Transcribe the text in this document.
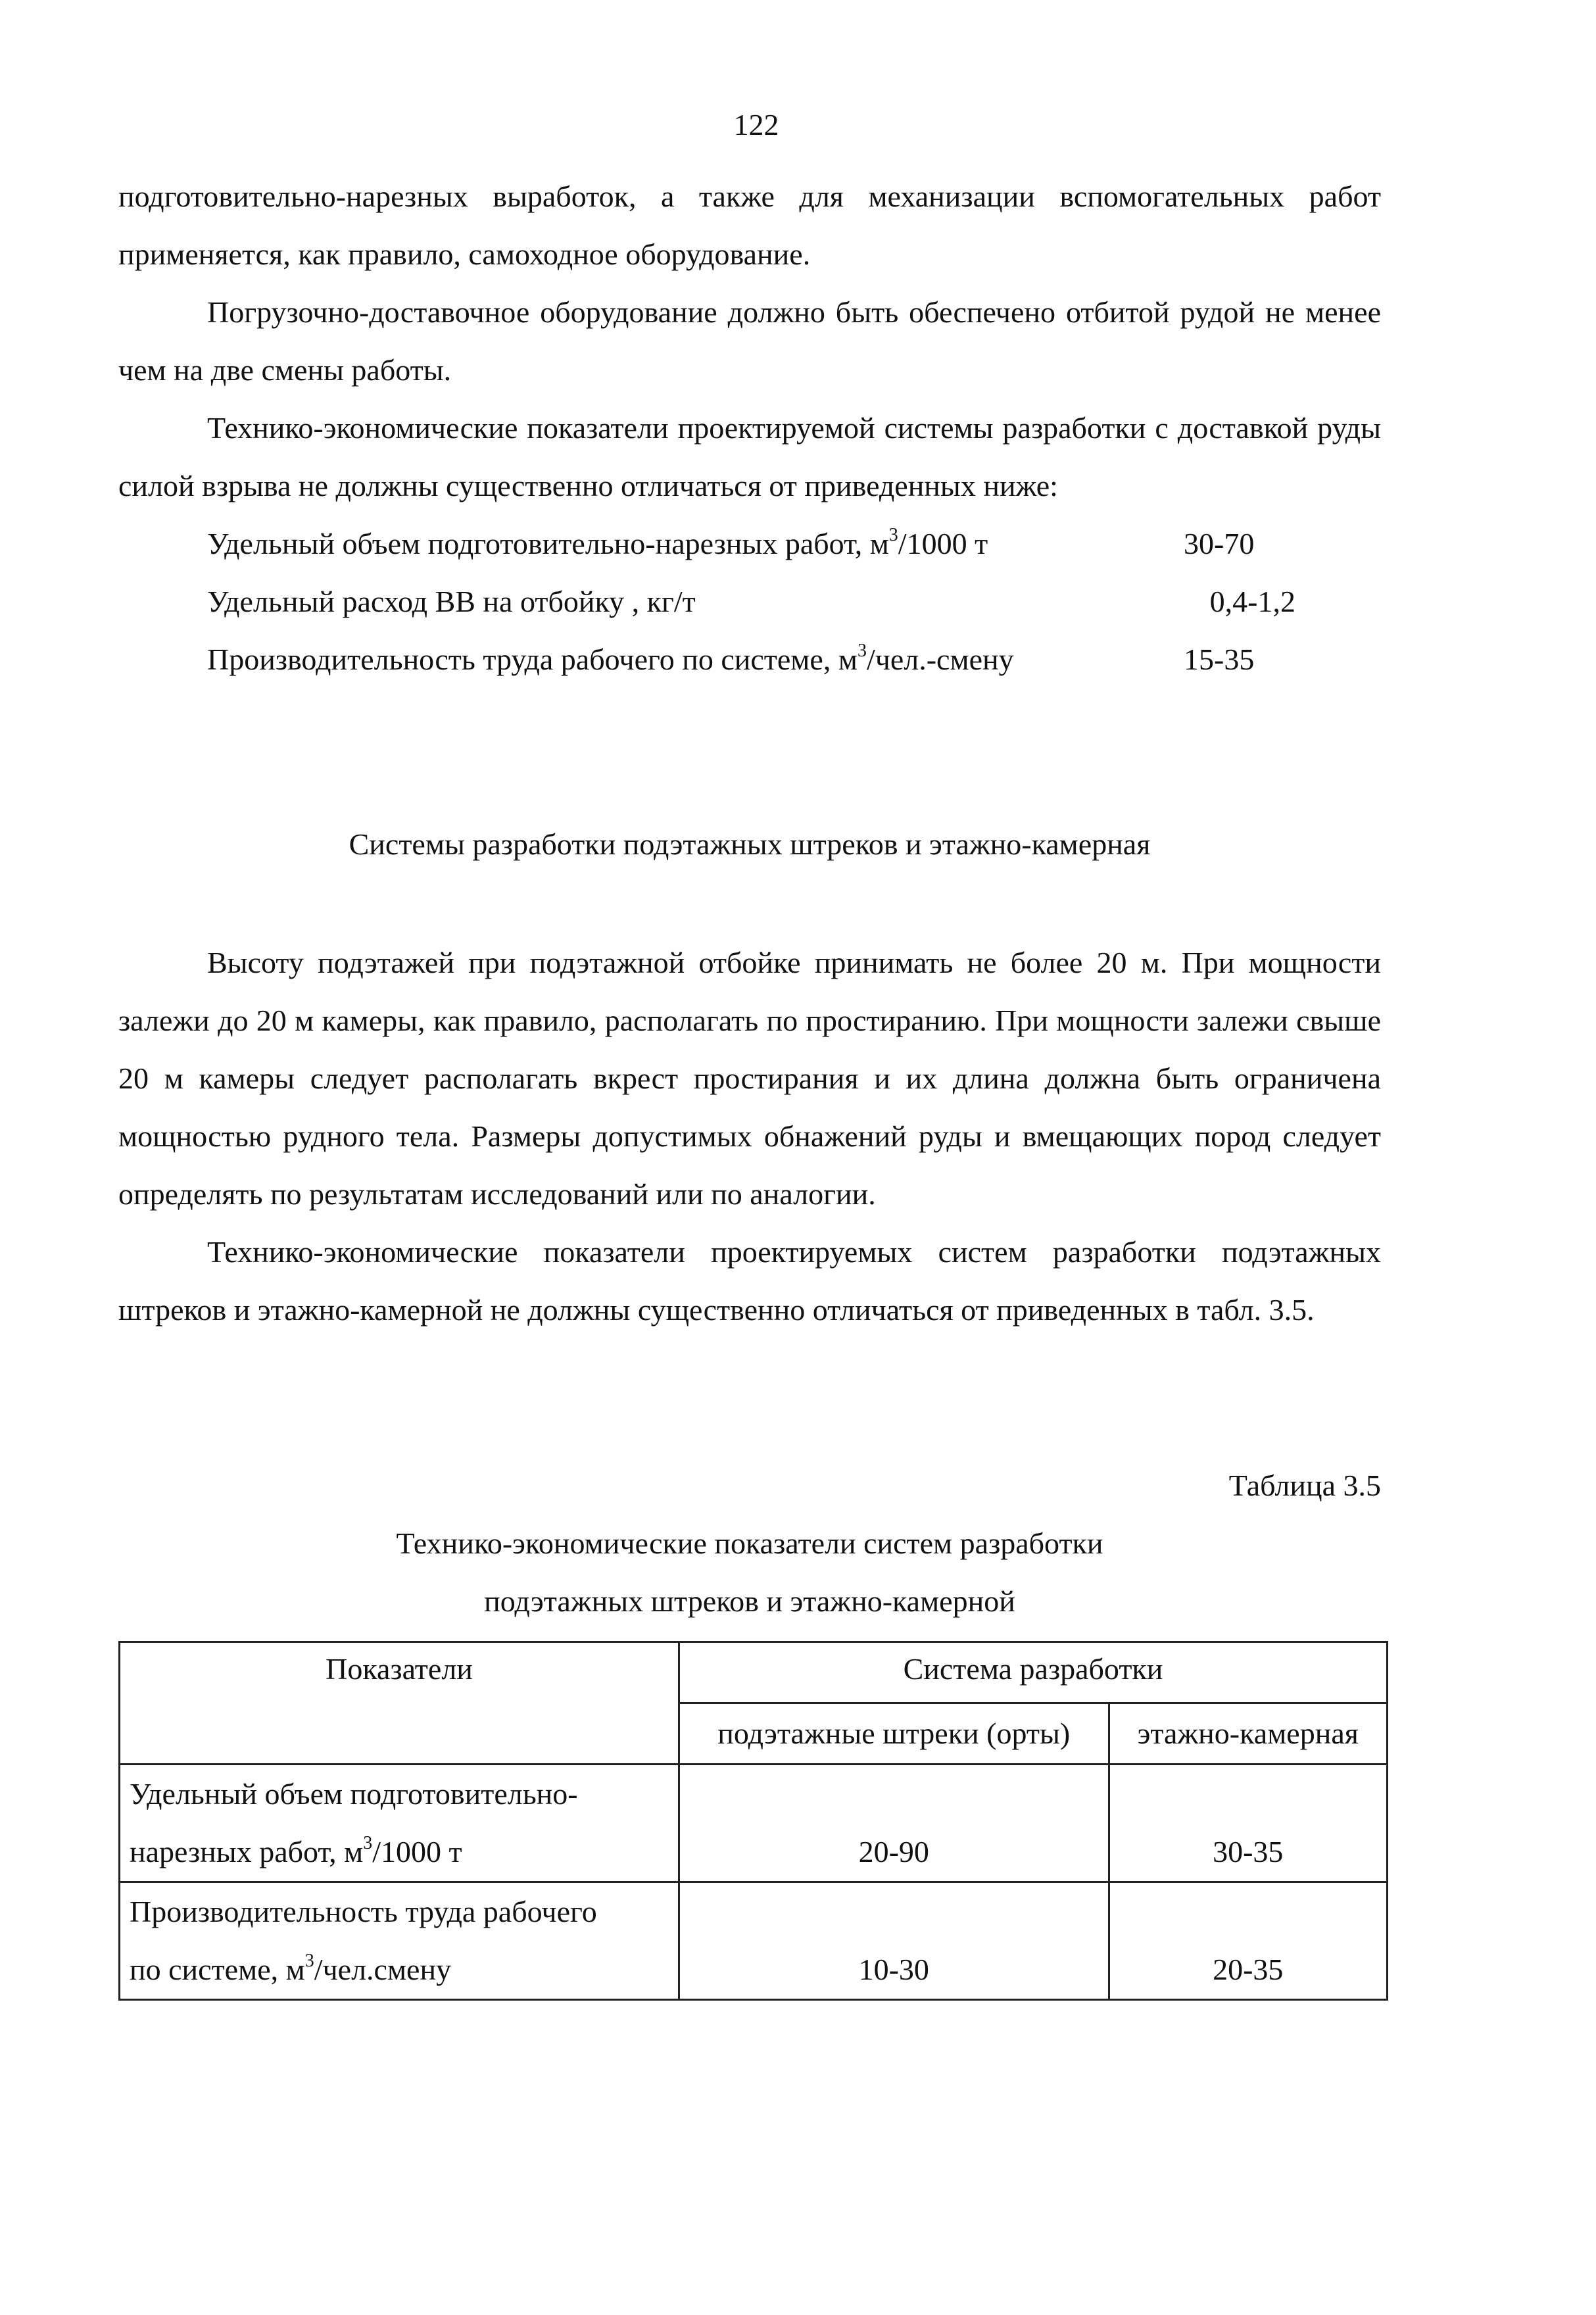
122

подготовительно-нарезных выработок, а также для механизации вспомогательных работ применяется, как правило, самоходное оборудование.

Погрузочно-доставочное оборудование должно быть обеспечено отбитой рудой не менее чем на две смены работы.

Технико-экономические показатели проектируемой системы разработки с доставкой руды силой взрыва не должны существенно отличаться от приведенных ниже:

Удельный объем подготовительно-нарезных работ, $м^3/1000$ т	30-70
Удельный расход ВВ на отбойку , кг/т	0,4-1,2
Производительность труда рабочего по системе, $м^3/чел$.-смену	15-35

Системы разработки подэтажных штреков и этажно-камерная

Высоту подэтажей при подэтажной отбойке принимать не более 20 м. При мощности залежи до 20 м камеры, как правило, располагать по простиранию. При мощности залежи свыше 20 м камеры следует располагать вкрест простирания и их длина должна быть ограничена мощностью рудного тела. Размеры допустимых обнажений руды и вмещающих пород следует определять по результатам исследований или по аналогии.

Технико-экономические показатели проектируемых систем разработки подэтажных штреков и этажно-камерной не должны существенно отличаться от приведенных в табл. 3.5.

Таблица 3.5

Технико-экономические показатели систем разработки

подэтажных штреков и этажно-камерной

Показатели	Система разработки	
	подэтажные штреки (орты)	этажно-камерная

Удельный объем подготовительно-
нарезных работ, $м^3/1000$ т	20-90	30-35

Производительность труда рабочего
по системе, $м^3/чел.смену$	10-30	20-35
